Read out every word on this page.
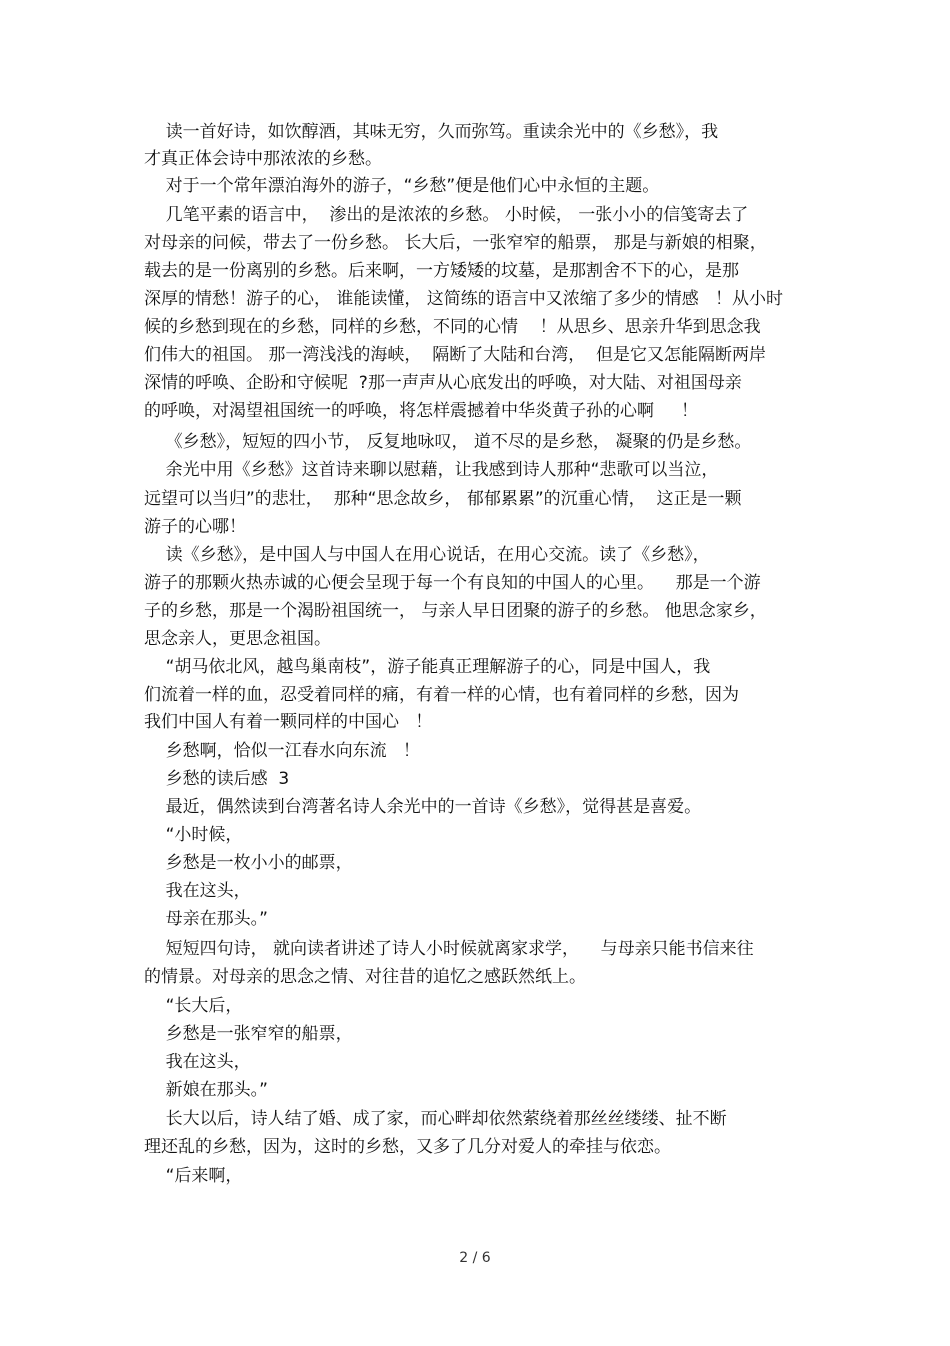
读一首好诗，如饮醇酒，其味无穷，久而弥笃。重读余光中的《乡愁》，我
才真正体会诗中那浓浓的乡愁。
对于一个常年漂泊海外的游子，“乡愁”便是他们心中永恒的主题。
几笔平素的语言中，  渗出的是浓浓的乡愁。 小时候， 一张小小的信笺寄去了
对母亲的问候，带去了一份乡愁。 长大后，一张窄窄的船票， 那是与新娘的相聚，
载去的是一份离别的乡愁。后来啊，一方矮矮的坟墓，是那割舍不下的心，是那
深厚的情愁！游子的心， 谁能读懂， 这简练的语言中又浓缩了多少的情感   ！从小时
候的乡愁到现在的乡愁，同样的乡愁，不同的心情    ！从思乡、思亲升华到思念我
们伟大的祖国。 那一湾浅浅的海峡，  隔断了大陆和台湾，  但是它又怎能隔断两岸
深情的呼唤、企盼和守候呢  ?那一声声从心底发出的呼唤，对大陆、对祖国母亲
的呼唤，对渴望祖国统一的呼唤，将怎样震撼着中华炎黄子孙的心啊     ！
《乡愁》，短短的四小节， 反复地咏叹， 道不尽的是乡愁， 凝聚的仍是乡愁。
余光中用《乡愁》这首诗来聊以慰藉，让我感到诗人那种“悲歌可以当泣，
远望可以当归”的悲壮，  那种“思念故乡， 郁郁累累”的沉重心情，  这正是一颗
游子的心哪！
读《乡愁》，是中国人与中国人在用心说话，在用心交流。读了《乡愁》，
游子的那颗火热赤诚的心便会呈现于每一个有良知的中国人的心里。    那是一个游
子的乡愁，那是一个渴盼祖国统一， 与亲人早日团聚的游子的乡愁。 他思念家乡，
思念亲人，更思念祖国。
“胡马依北风，越鸟巢南枝”，游子能真正理解游子的心，同是中国人，我
们流着一样的血，忍受着同样的痛，有着一样的心情，也有着同样的乡愁，因为
我们中国人有着一颗同样的中国心   ！
乡愁啊，恰似一江春水向东流   ！
乡愁的读后感  3
最近，偶然读到台湾著名诗人余光中的一首诗《乡愁》，觉得甚是喜爱。
“小时候，
乡愁是一枚小小的邮票，
我在这头，
母亲在那头。”
短短四句诗， 就向读者讲述了诗人小时候就离家求学，    与母亲只能书信来往
的情景。对母亲的思念之情、对往昔的追忆之感跃然纸上。
“长大后，
乡愁是一张窄窄的船票，
我在这头，
新娘在那头。”
长大以后，诗人结了婚、成了家，而心畔却依然萦绕着那丝丝缕缕、扯不断
理还乱的乡愁，因为，这时的乡愁，又多了几分对爱人的牵挂与依恋。
“后来啊，
2 / 6
